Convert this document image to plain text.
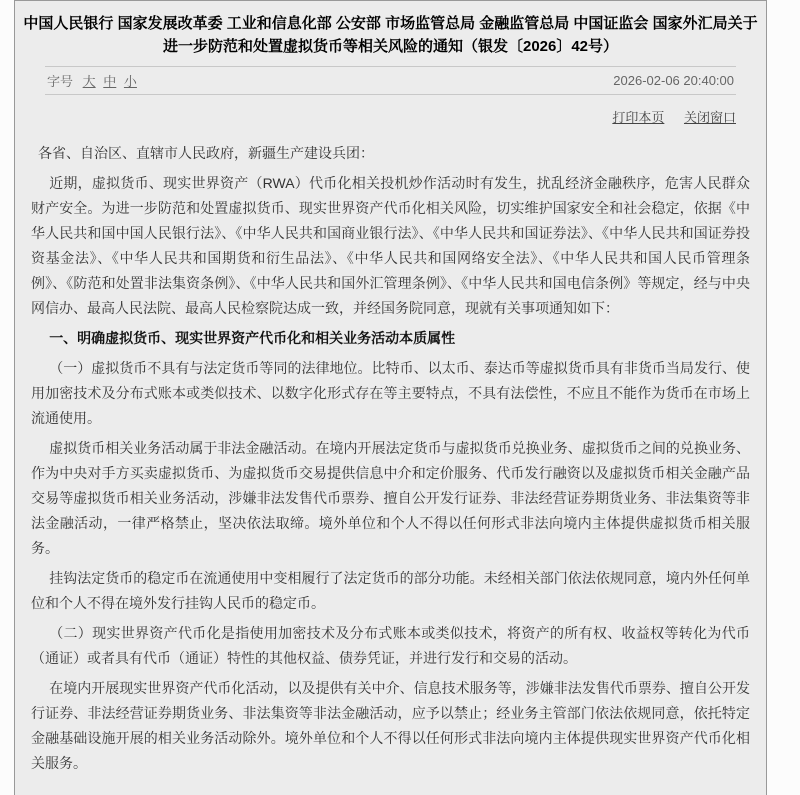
中国人民银行 国家发展改革委 工业和信息化部 公安部 市场监管总局 金融监管总局 中国证监会 国家外汇局关于进一步防范和处置虚拟货币等相关风险的通知（银发〔2026〕42号）
字号 大 中 小	2026-02-06 20:40:00
打印本页 关闭窗口

各省、自治区、直辖市人民政府，新疆生产建设兵团：

近期，虚拟货币、现实世界资产（RWA）代币化相关投机炒作活动时有发生，扰乱经济金融秩序，危害人民群众财产安全。为进一步防范和处置虚拟货币、现实世界资产代币化相关风险，切实维护国家安全和社会稳定，依据《中华人民共和国中国人民银行法》、《中华人民共和国商业银行法》、《中华人民共和国证券法》、《中华人民共和国证券投资基金法》、《中华人民共和国期货和衍生品法》、《中华人民共和国网络安全法》、《中华人民共和国人民币管理条例》、《防范和处置非法集资条例》、《中华人民共和国外汇管理条例》、《中华人民共和国电信条例》等规定，经与中央网信办、最高人民法院、最高人民检察院达成一致，并经国务院同意，现就有关事项通知如下：

一、明确虚拟货币、现实世界资产代币化和相关业务活动本质属性

（一）虚拟货币不具有与法定货币等同的法律地位。比特币、以太币、泰达币等虚拟货币具有非货币当局发行、使用加密技术及分布式账本或类似技术、以数字化形式存在等主要特点，不具有法偿性，不应且不能作为货币在市场上流通使用。

虚拟货币相关业务活动属于非法金融活动。在境内开展法定货币与虚拟货币兑换业务、虚拟货币之间的兑换业务、作为中央对手方买卖虚拟货币、为虚拟货币交易提供信息中介和定价服务、代币发行融资以及虚拟货币相关金融产品交易等虚拟货币相关业务活动，涉嫌非法发售代币票券、擅自公开发行证券、非法经营证券期货业务、非法集资等非法金融活动，一律严格禁止，坚决依法取缔。境外单位和个人不得以任何形式非法向境内主体提供虚拟货币相关服务。

挂钩法定货币的稳定币在流通使用中变相履行了法定货币的部分功能。未经相关部门依法依规同意，境内外任何单位和个人不得在境外发行挂钩人民币的稳定币。

（二）现实世界资产代币化是指使用加密技术及分布式账本或类似技术，将资产的所有权、收益权等转化为代币（通证）或者具有代币（通证）特性的其他权益、债券凭证，并进行发行和交易的活动。

在境内开展现实世界资产代币化活动，以及提供有关中介、信息技术服务等，涉嫌非法发售代币票券、擅自公开发行证券、非法经营证券期货业务、非法集资等非法金融活动，应予以禁止；经业务主管部门依法依规同意，依托特定金融基础设施开展的相关业务活动除外。境外单位和个人不得以任何形式非法向境内主体提供现实世界资产代币化相关服务。
